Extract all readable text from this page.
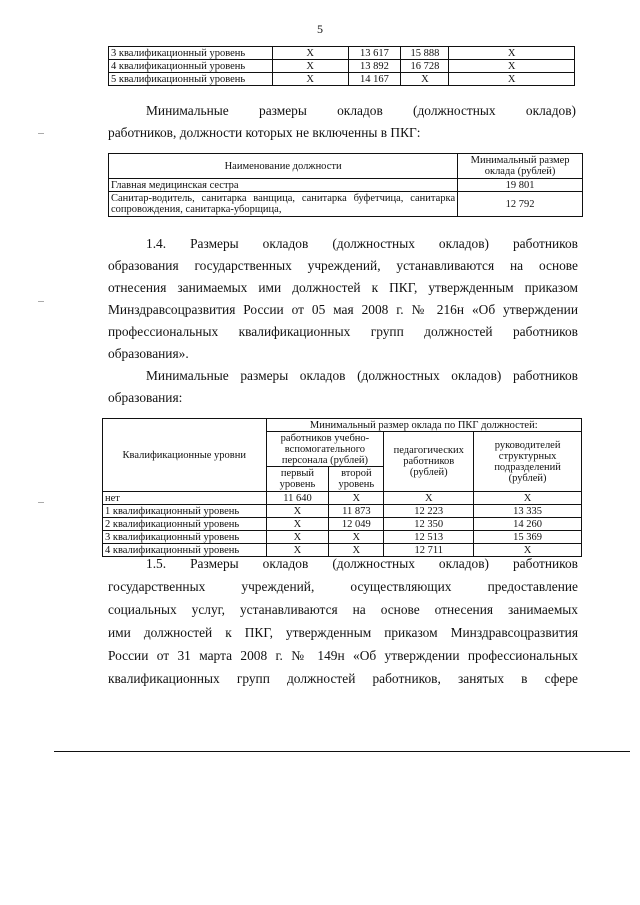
5
3 квалификационный уровень	Х	13 617	15 888	Х
4 квалификационный уровень	Х	13 892	16 728	Х
5 квалификационный уровень	Х	14 167	Х	Х
Минимальные размеры окладов (должностных окладов)
работников, должности которых не включенны в ПКГ:
Наименование должности	Минимальный размер оклада (рублей)
Главная медицинская сестра	19 801
Санитар-водитель, санитарка ванщица, санитарка буфетчица, санитарка сопровождения, санитарка-уборщица,	12 792
1.4. Размеры окладов (должностных окладов) работников
образования государственных учреждений, устанавливаются на основе
отнесения занимаемых ими должностей к ПКГ, утвержденным приказом
Минздравсоцразвития России от 05 мая 2008 г. № 216н «Об утверждении
профессиональных квалификационных групп должностей работников
образования».
Минимальные размеры окладов (должностных окладов) работников
образования:
Квалификационные уровни	Минимальный размер оклада по ПКГ должностей:			
	работников учебно-вспомогательного персонала (рублей)		педагогических работников (рублей)	руководителей структурных подразделений (рублей)
	первый уровень	второй уровень		
нет	11 640	Х	Х	Х
1 квалификационный уровень	Х	11 873	12 223	13 335
2 квалификационный уровень	Х	12 049	12 350	14 260
3 квалификационный уровень	Х	Х	12 513	15 369
4 квалификационный уровень	Х	Х	12 711	Х
1.5. Размеры окладов (должностных окладов) работников
государственных учреждений, осуществляющих предоставление
социальных услуг, устанавливаются на основе отнесения занимаемых
ими должностей к ПКГ, утвержденным приказом Минздравсоцразвития
России от 31 марта 2008 г. № 149н «Об утверждении профессиональных
квалификационных групп должностей работников, занятых в сфере
